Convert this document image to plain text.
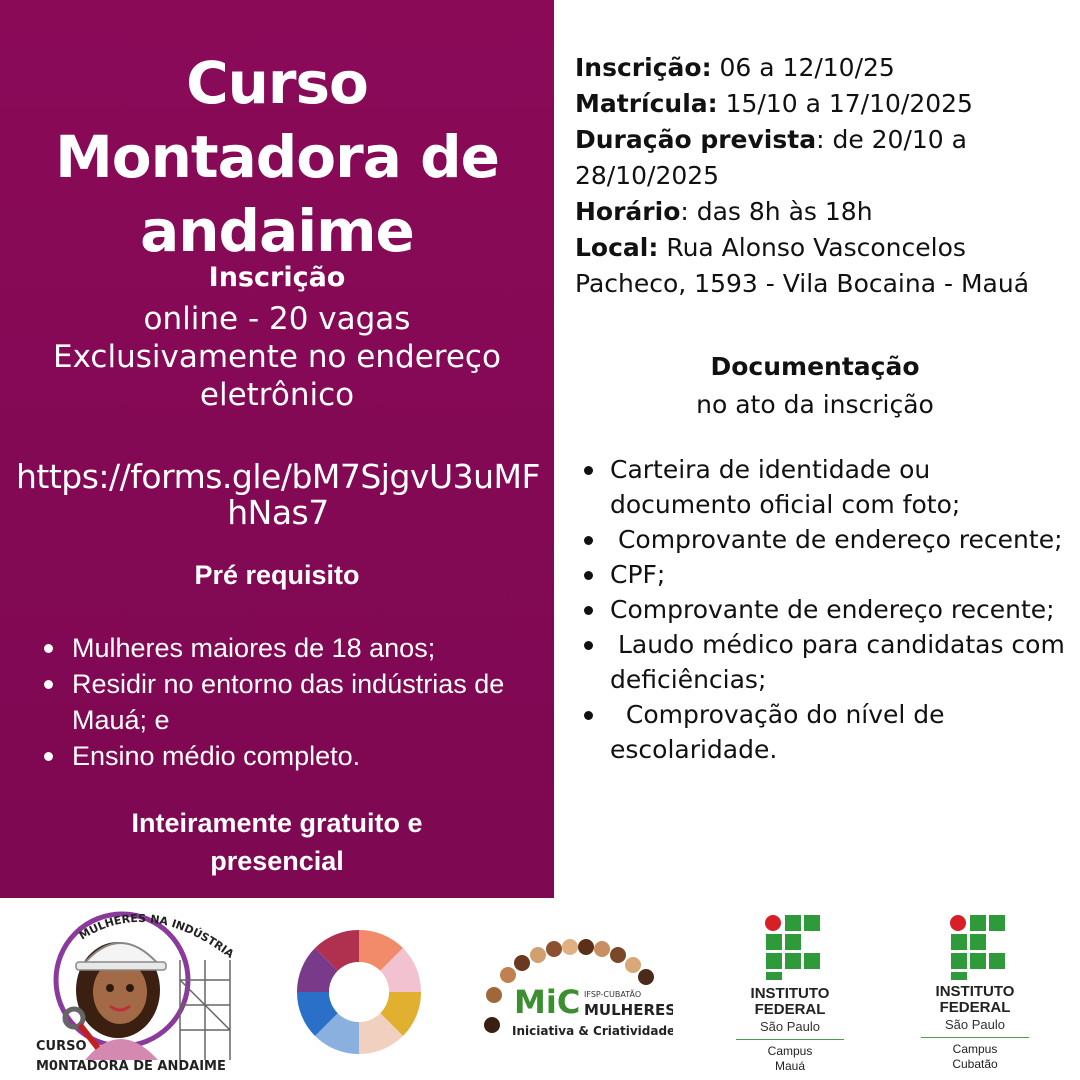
Curso
Montadora de
andaime
Inscrição
online - 20 vagas
Exclusivamente no endereço
eletrônico
https://forms.gle/bM7SjgvU3uMFhNas7
Pré requisito
Mulheres maiores de 18 anos;
Residir no entorno das indústrias de Mauá; e
Ensino médio completo.
Inteiramente gratuito e
presencial
Inscrição: 06 a 12/10/25
Matrícula: 15/10 a 17/10/2025
Duração prevista: de 20/10 a 28/10/2025
Horário: das 8h às 18h
Local: Rua Alonso Vasconcelos Pacheco, 1593 - Vila Bocaina - Mauá
Documentação
no ato da inscrição
Carteira de identidade ou documento oficial com foto;
Comprovante de endereço recente;
CPF;
Comprovante de endereço recente;
Laudo médico para candidatas com deficiências;
Comprovação do nível de escolaridade.
MULHERES NA INDÚSTRIA
CURSO
M0NTADORA DE ANDAIME
MiC IFSP-CUBATÃO
MULHERES
Iniciativa & Criatividade
INSTITUTO
FEDERAL
São Paulo
Campus
Mauá
INSTITUTO
FEDERAL
São Paulo
Campus
Cubatão
